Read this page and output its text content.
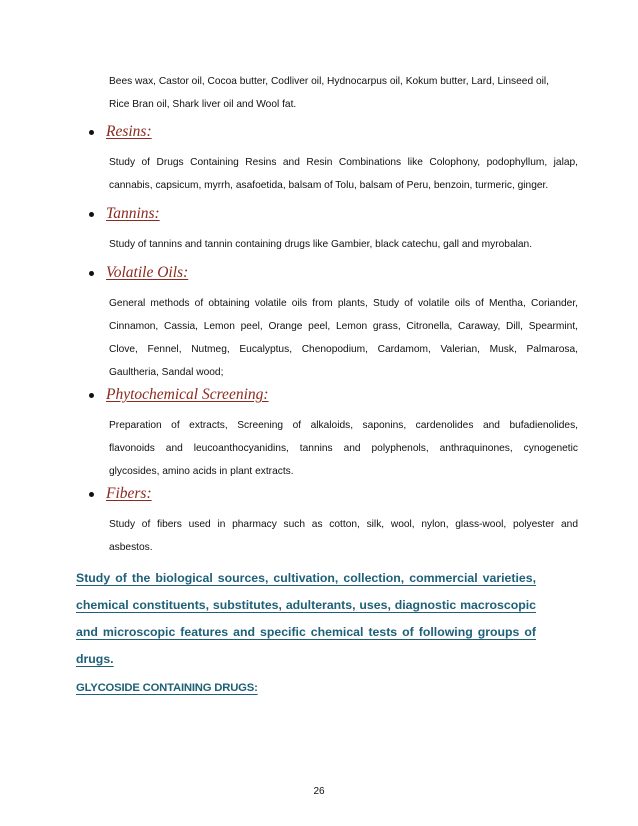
Bees wax, Castor oil, Cocoa butter, Codliver oil, Hydnocarpus oil, Kokum butter, Lard, Linseed oil,
Rice Bran oil, Shark liver oil and Wool fat.
Resins:
Study of Drugs Containing Resins and Resin Combinations like Colophony, podophyllum, jalap,
cannabis, capsicum, myrrh, asafoetida, balsam of Tolu, balsam of Peru, benzoin, turmeric, ginger.
Tannins:
Study of tannins and tannin containing drugs like Gambier, black catechu, gall and myrobalan.
Volatile Oils:
General methods of obtaining volatile oils from plants, Study of volatile oils of Mentha, Coriander,
Cinnamon, Cassia, Lemon peel, Orange peel, Lemon grass, Citronella, Caraway, Dill, Spearmint,
Clove, Fennel, Nutmeg, Eucalyptus, Chenopodium, Cardamom, Valerian, Musk, Palmarosa,
Gaultheria, Sandal wood;
Phytochemical Screening:
Preparation of extracts, Screening of alkaloids, saponins, cardenolides and bufadienolides,
flavonoids and leucoanthocyanidins, tannins and polyphenols, anthraquinones, cynogenetic
glycosides, amino acids in plant extracts.
Fibers:
Study of fibers used in pharmacy such as cotton, silk, wool, nylon, glass-wool, polyester and
asbestos.
Study of the biological sources, cultivation, collection, commercial varieties,
chemical constituents, substitutes, adulterants, uses, diagnostic macroscopic
and microscopic features and specific chemical tests of following groups of
drugs.
GLYCOSIDE CONTAINING DRUGS:
26
